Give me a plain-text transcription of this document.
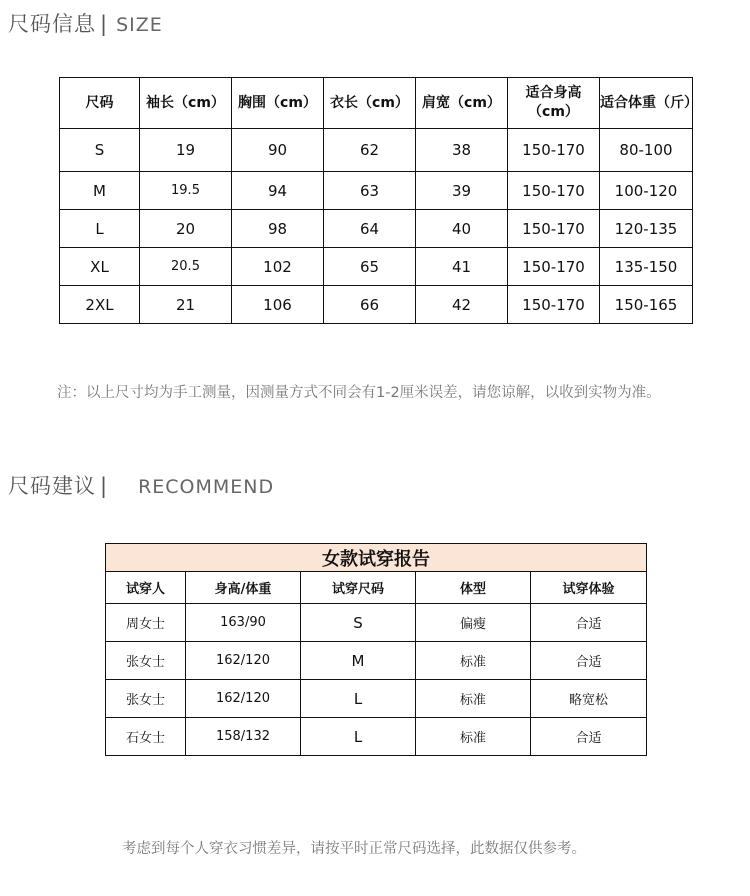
尺码信息 | SIZE
尺码	袖长（cm）	胸围（cm）	衣长（cm）	肩宽（cm）	适合身高（cm）	适合体重（斤）
S	19	90	62	38	150-170	80-100
M	19.5	94	63	39	150-170	100-120
L	20	98	64	40	150-170	120-135
XL	20.5	102	65	41	150-170	135-150
2XL	21	106	66	42	150-170	150-165
注：以上尺寸均为手工测量，因测量方式不同会有1-2厘米误差，请您谅解，以收到实物为准。
尺码建议 | RECOMMEND
女款试穿报告				
试穿人	身高/体重	试穿尺码	体型	试穿体验
周女士	163/90	S	偏瘦	合适
张女士	162/120	M	标准	合适
张女士	162/120	L	标准	略宽松
石女士	158/132	L	标准	合适
考虑到每个人穿衣习惯差异，请按平时正常尺码选择，此数据仅供参考。
